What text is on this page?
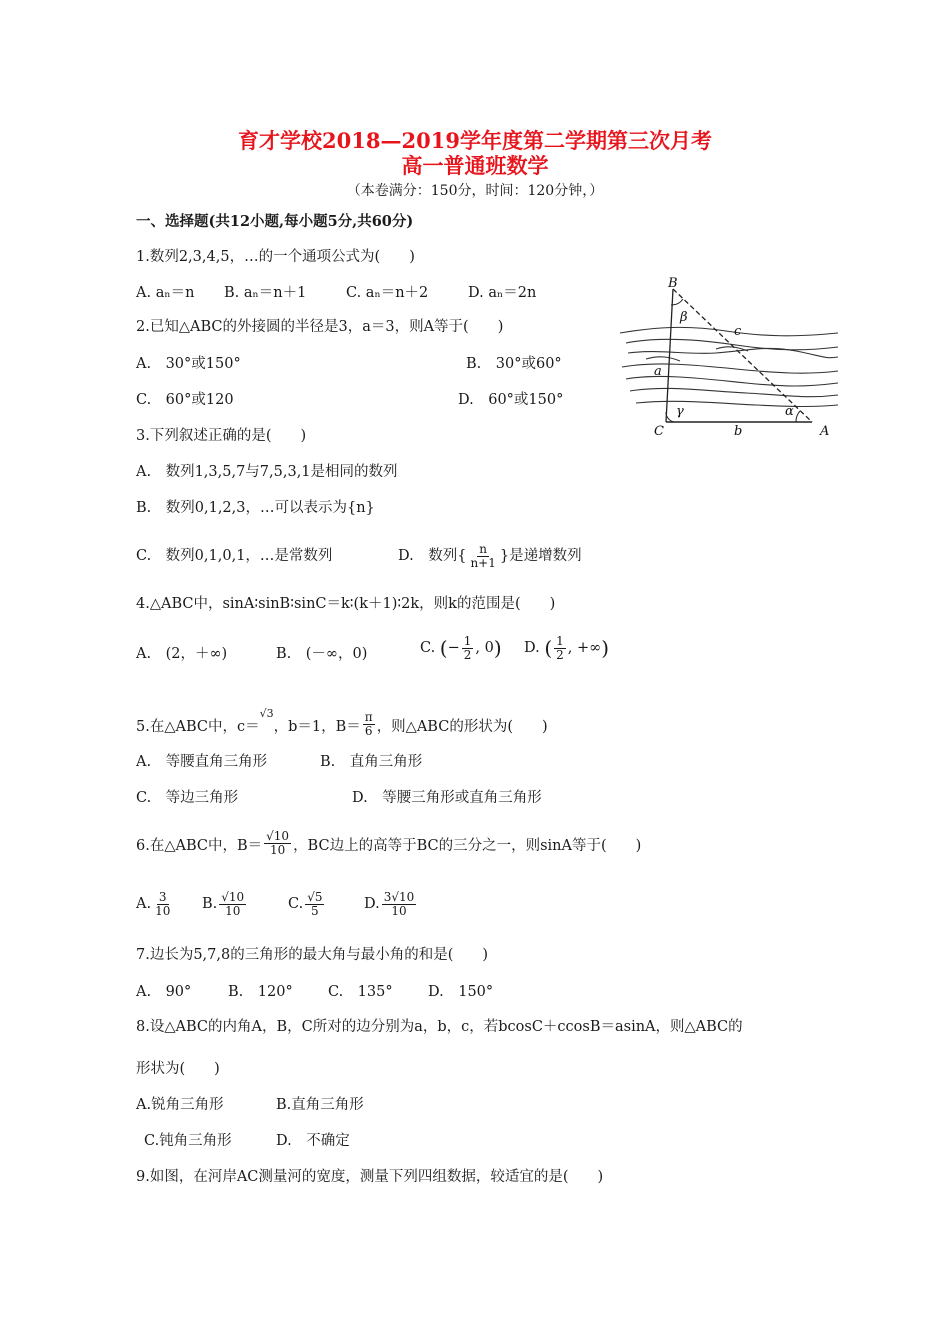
育才学校2018—2019学年度第二学期第三次月考
高一普通班数学
（本卷满分：150分，时间：120分钟，）
一、选择题(共12小题,每小题5分,共60分)
1.数列2,3,4,5，…的一个通项公式为(　　)
A. aₙ＝n B. aₙ＝n＋1	C. aₙ＝n＋2	D. aₙ＝2n
2.已知△ABC的外接圆的半径是3，a＝3，则A等于(　　)
A.　30°或150°	B.　30°或60°
C.　60°或120	D.　60°或150°
B
β
c
a
γ	α
C	b	A
3.下列叙述正确的是(　　)
A.　数列1,3,5,7与7,5,3,1是相同的数列
B.　数列0,1,2,3，…可以表示为{n}
C.　数列0,1,0,1，…是常数列	D.　数列{ $\frac{n}{n+1}$ }是递增数列
4.△ABC中，sinA∶sinB∶sinC＝k∶(k＋1)∶2k，则k的范围是(　　)
A.　(2，＋∞)	B.　(－∞，0)	C. (− $\frac{1}{2}$ , 0) D. ( $\frac{1}{2}$ , +∞)
5.在△ABC中，c＝$^{√3}$，b＝1，$B= \frac{\pi}{6}$ ，则△ABC的形状为(　　)
A.　等腰直角三角形	B.　直角三角形
C.　等边三角形	D.　等腰三角形或直角三角形
6.在△ABC中，$B= \frac{√10}{10}$ ，BC边上的高等于BC的三分之一，则sinA等于(　　)
A. $\frac{3}{10} B$. $\frac{√10}{10}$	C. $\frac{√5}{5}$	D. $\frac{3√10}{10}$
7.边长为5,7,8的三角形的最大角与最小角的和是(　　)
A.　90°	B.　120° C.　135° D.　150°
8.设△ABC的内角A，B，C所对的边分别为a，b，c，若bcosC＋ccosB＝asinA，则△ABC的
形状为(　　)
A.锐角三角形	B.直角三角形
C.钝角三角形	D.　不确定
9.如图，在河岸AC测量河的宽度，测量下列四组数据，较适宜的是(　　)
